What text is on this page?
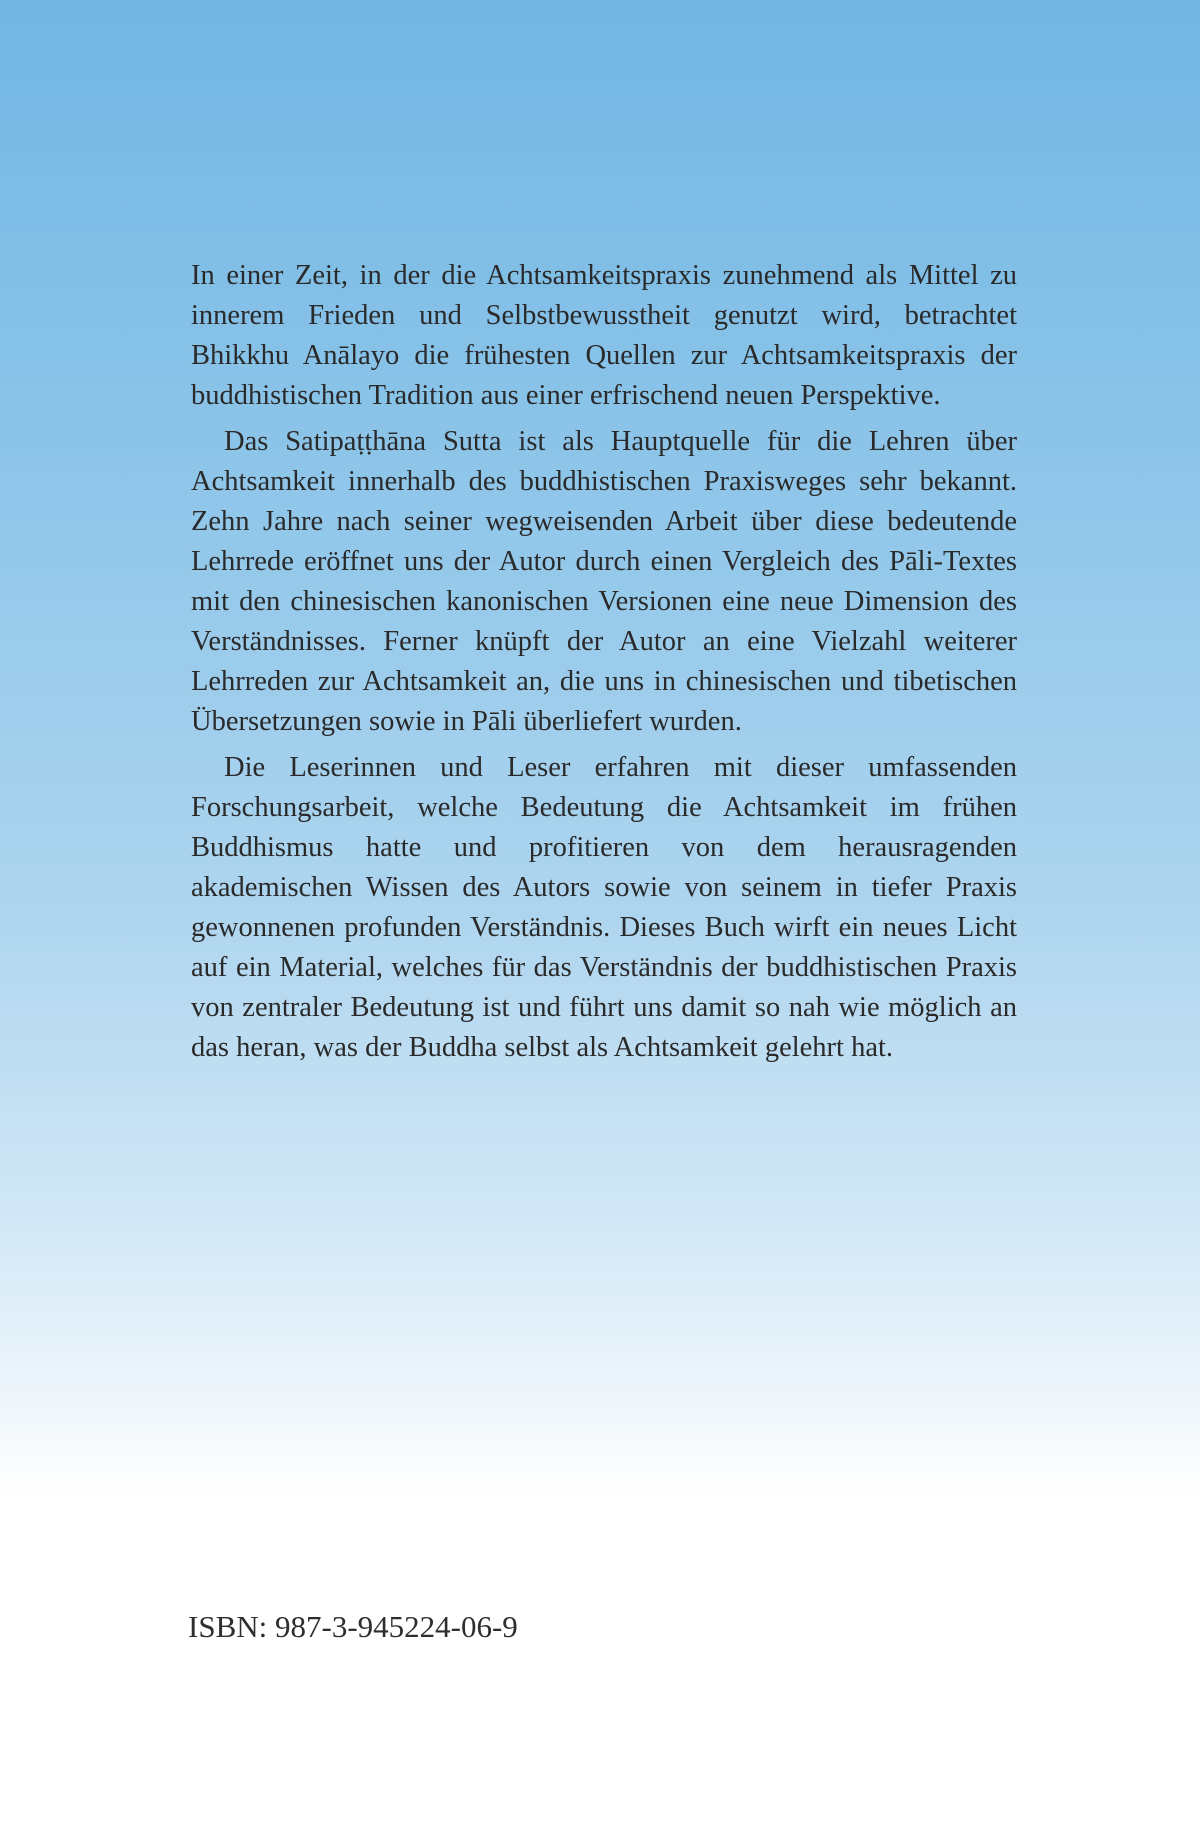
In einer Zeit, in der die Achtsamkeitspraxis zunehmend als Mittel zu innerem Frieden und Selbstbewusstheit genutzt wird, betrachtet Bhikkhu Anālayo die frühesten Quellen zur Achtsamkeitspraxis der buddhistischen Tradition aus einer erfrischend neuen Perspektive.

Das Satipaṭṭhāna Sutta ist als Hauptquelle für die Lehren über Achtsamkeit innerhalb des buddhistischen Praxisweges sehr bekannt. Zehn Jahre nach seiner wegweisenden Arbeit über diese bedeutende Lehrrede eröffnet uns der Autor durch einen Vergleich des Pāli-Textes mit den chinesischen kanonischen Versionen eine neue Dimension des Verständnisses. Ferner knüpft der Autor an eine Vielzahl weiterer Lehrreden zur Achtsamkeit an, die uns in chinesischen und tibetischen Übersetzungen sowie in Pāli überliefert wurden.

Die Leserinnen und Leser erfahren mit dieser umfassenden Forschungsarbeit, welche Bedeutung die Achtsamkeit im frühen Buddhismus hatte und profitieren von dem herausragenden akademischen Wissen des Autors sowie von seinem in tiefer Praxis gewonnenen profunden Verständnis. Dieses Buch wirft ein neues Licht auf ein Material, welches für das Verständnis der buddhistischen Praxis von zentraler Bedeutung ist und führt uns damit so nah wie möglich an das heran, was der Buddha selbst als Achtsamkeit gelehrt hat.

ISBN: 987-3-945224-06-9
